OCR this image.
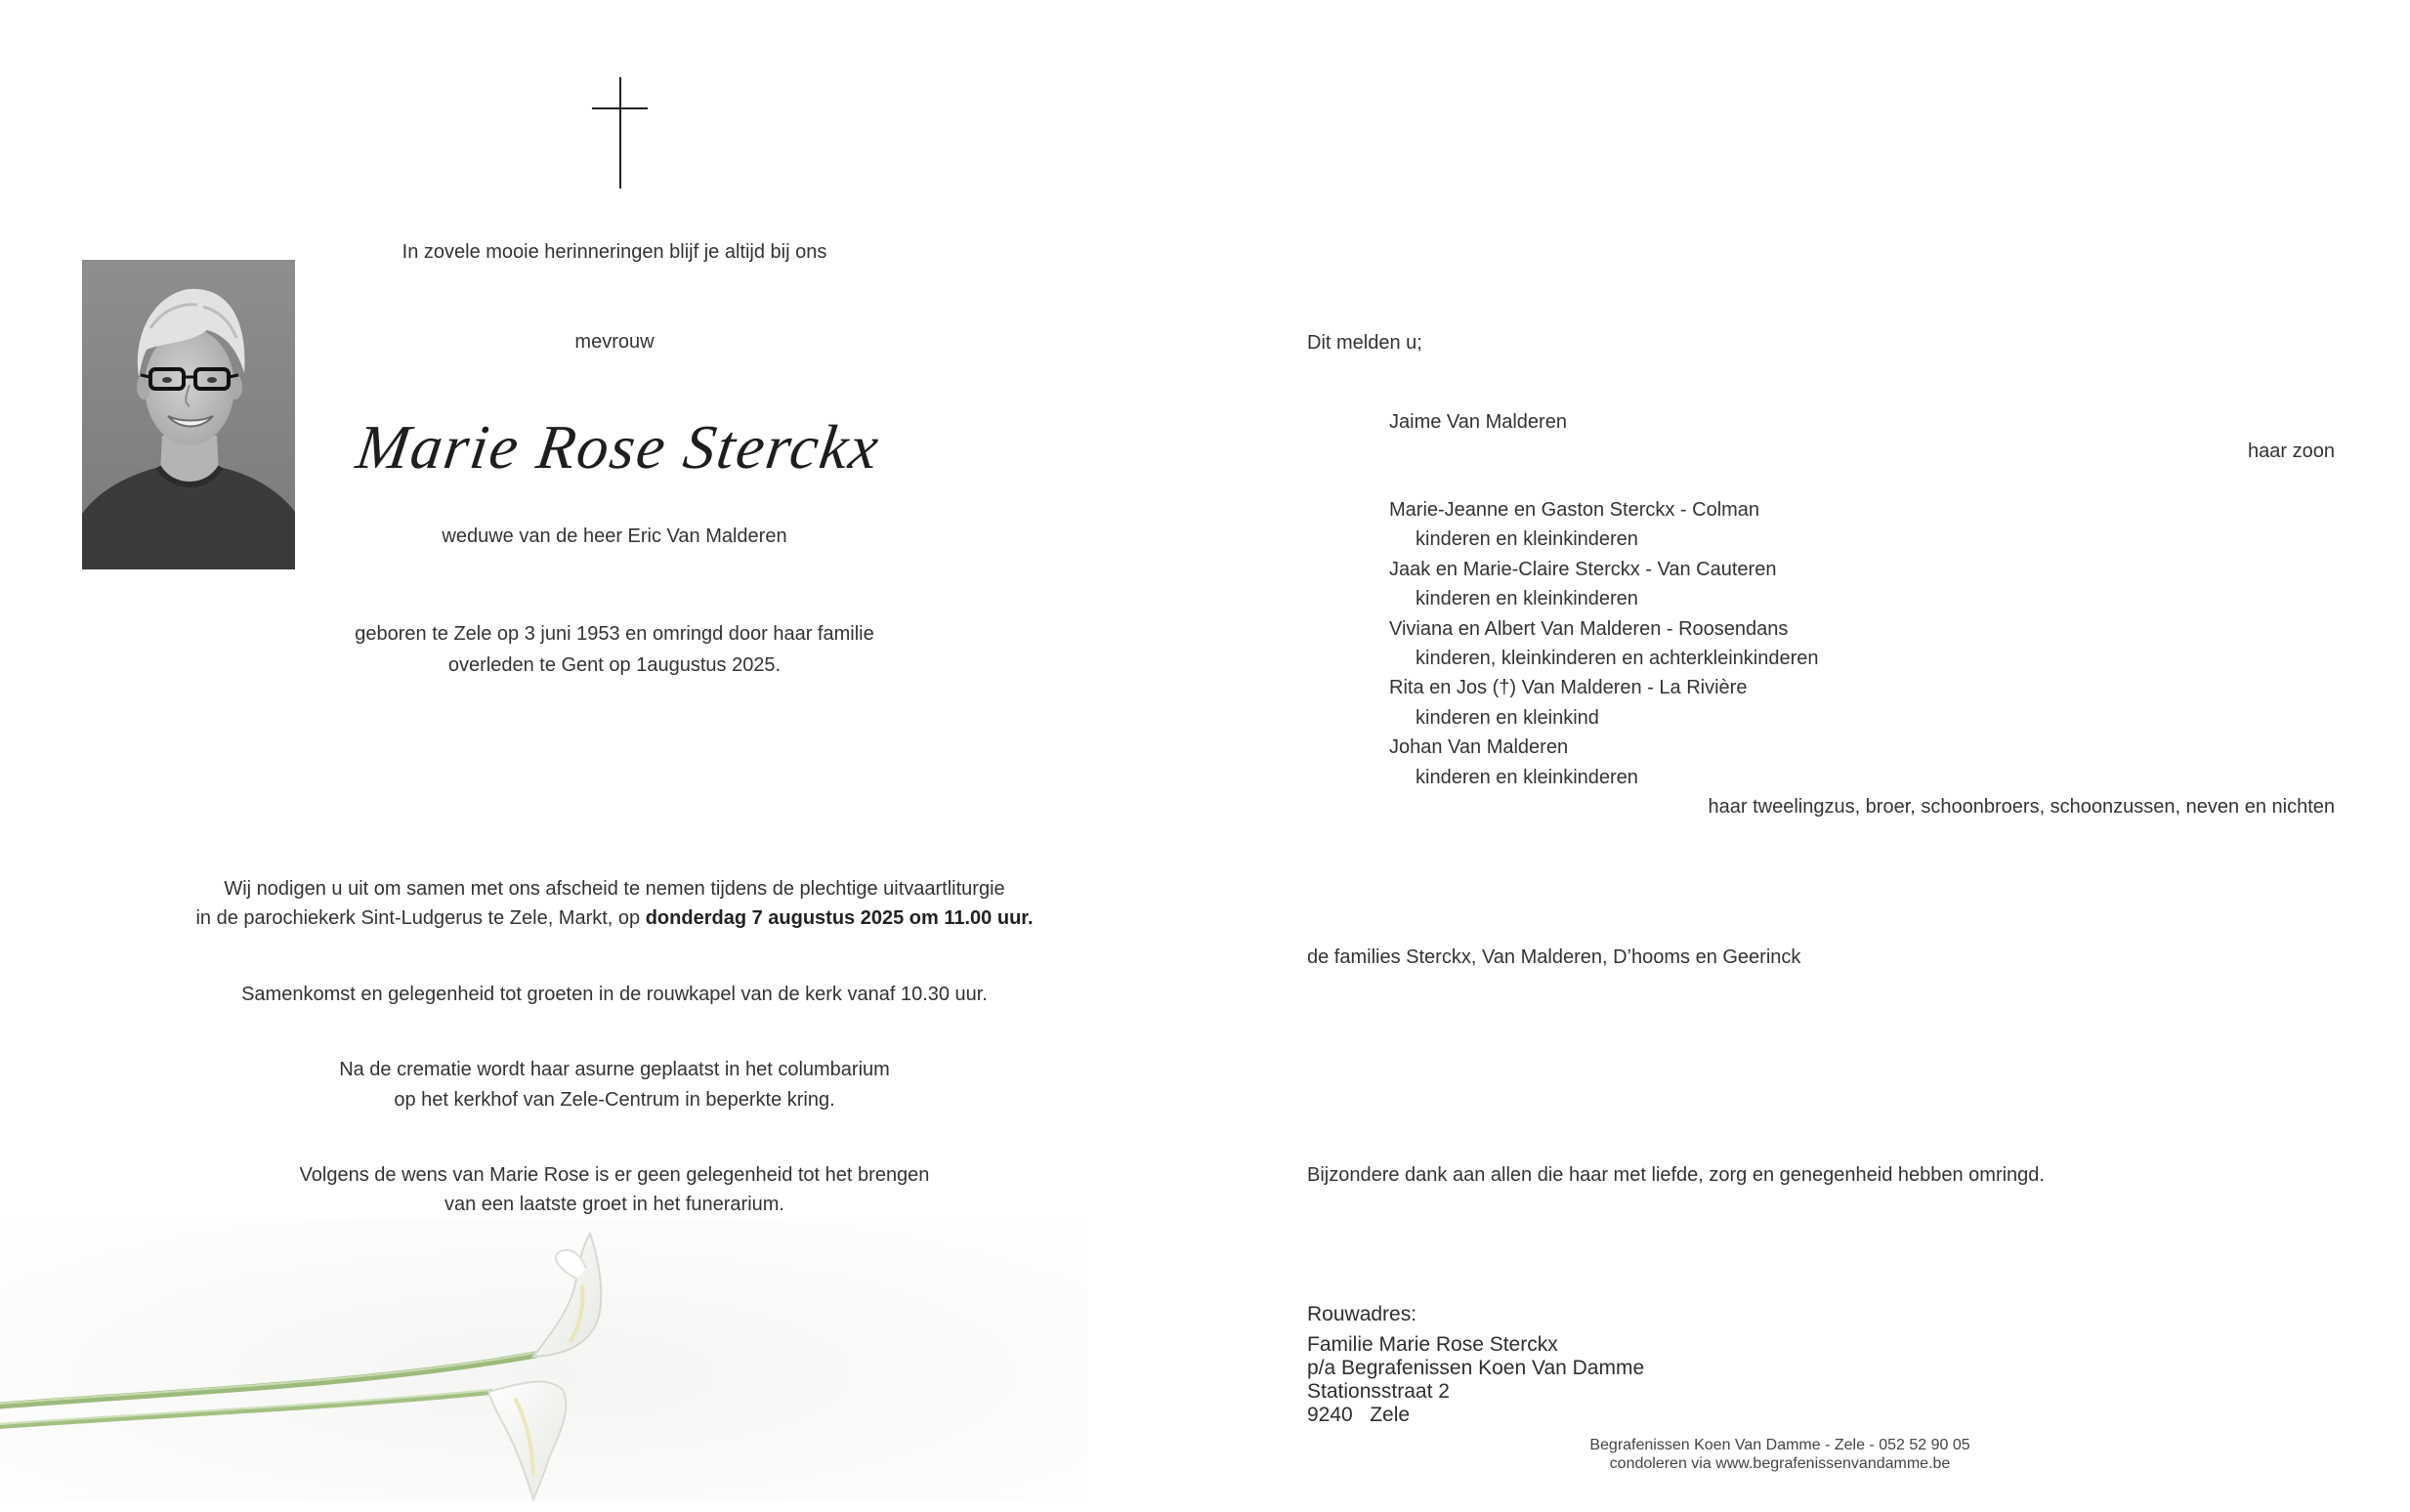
In zovele mooie herinneringen blijf je altijd bij ons
mevrouw
Marie Rose Sterckx
weduwe van de heer Eric Van Malderen
geboren te Zele op 3 juni 1953 en omringd door haar familie
overleden te Gent op 1augustus 2025.
Wij nodigen u uit om samen met ons afscheid te nemen tijdens de plechtige uitvaartliturgie
in de parochiekerk Sint-Ludgerus te Zele, Markt, op donderdag 7 augustus 2025 om 11.00 uur.
Samenkomst en gelegenheid tot groeten in de rouwkapel van de kerk vanaf 10.30 uur.
Na de crematie wordt haar asurne geplaatst in het columbarium
op het kerkhof van Zele-Centrum in beperkte kring.
Volgens de wens van Marie Rose is er geen gelegenheid tot het brengen
van een laatste groet in het funerarium.
Dit melden u;
Jaime Van Malderen
haar zoon
Marie-Jeanne en Gaston Sterckx - Colman
kinderen en kleinkinderen
Jaak en Marie-Claire Sterckx - Van Cauteren
kinderen en kleinkinderen
Viviana en Albert Van Malderen - Roosendans
kinderen, kleinkinderen en achterkleinkinderen
Rita en Jos (†) Van Malderen - La Rivière
kinderen en kleinkind
Johan Van Malderen
kinderen en kleinkinderen
haar tweelingzus, broer, schoonbroers, schoonzussen, neven en nichten
de families Sterckx, Van Malderen, D’hooms en Geerinck
Bijzondere dank aan allen die haar met liefde, zorg en genegenheid hebben omringd.
Rouwadres:
Familie Marie Rose Sterckx
p/a Begrafenissen Koen Van Damme
Stationsstraat 2
9240   Zele
Begrafenissen Koen Van Damme - Zele - 052 52 90 05
condoleren via www.begrafenissenvandamme.be
